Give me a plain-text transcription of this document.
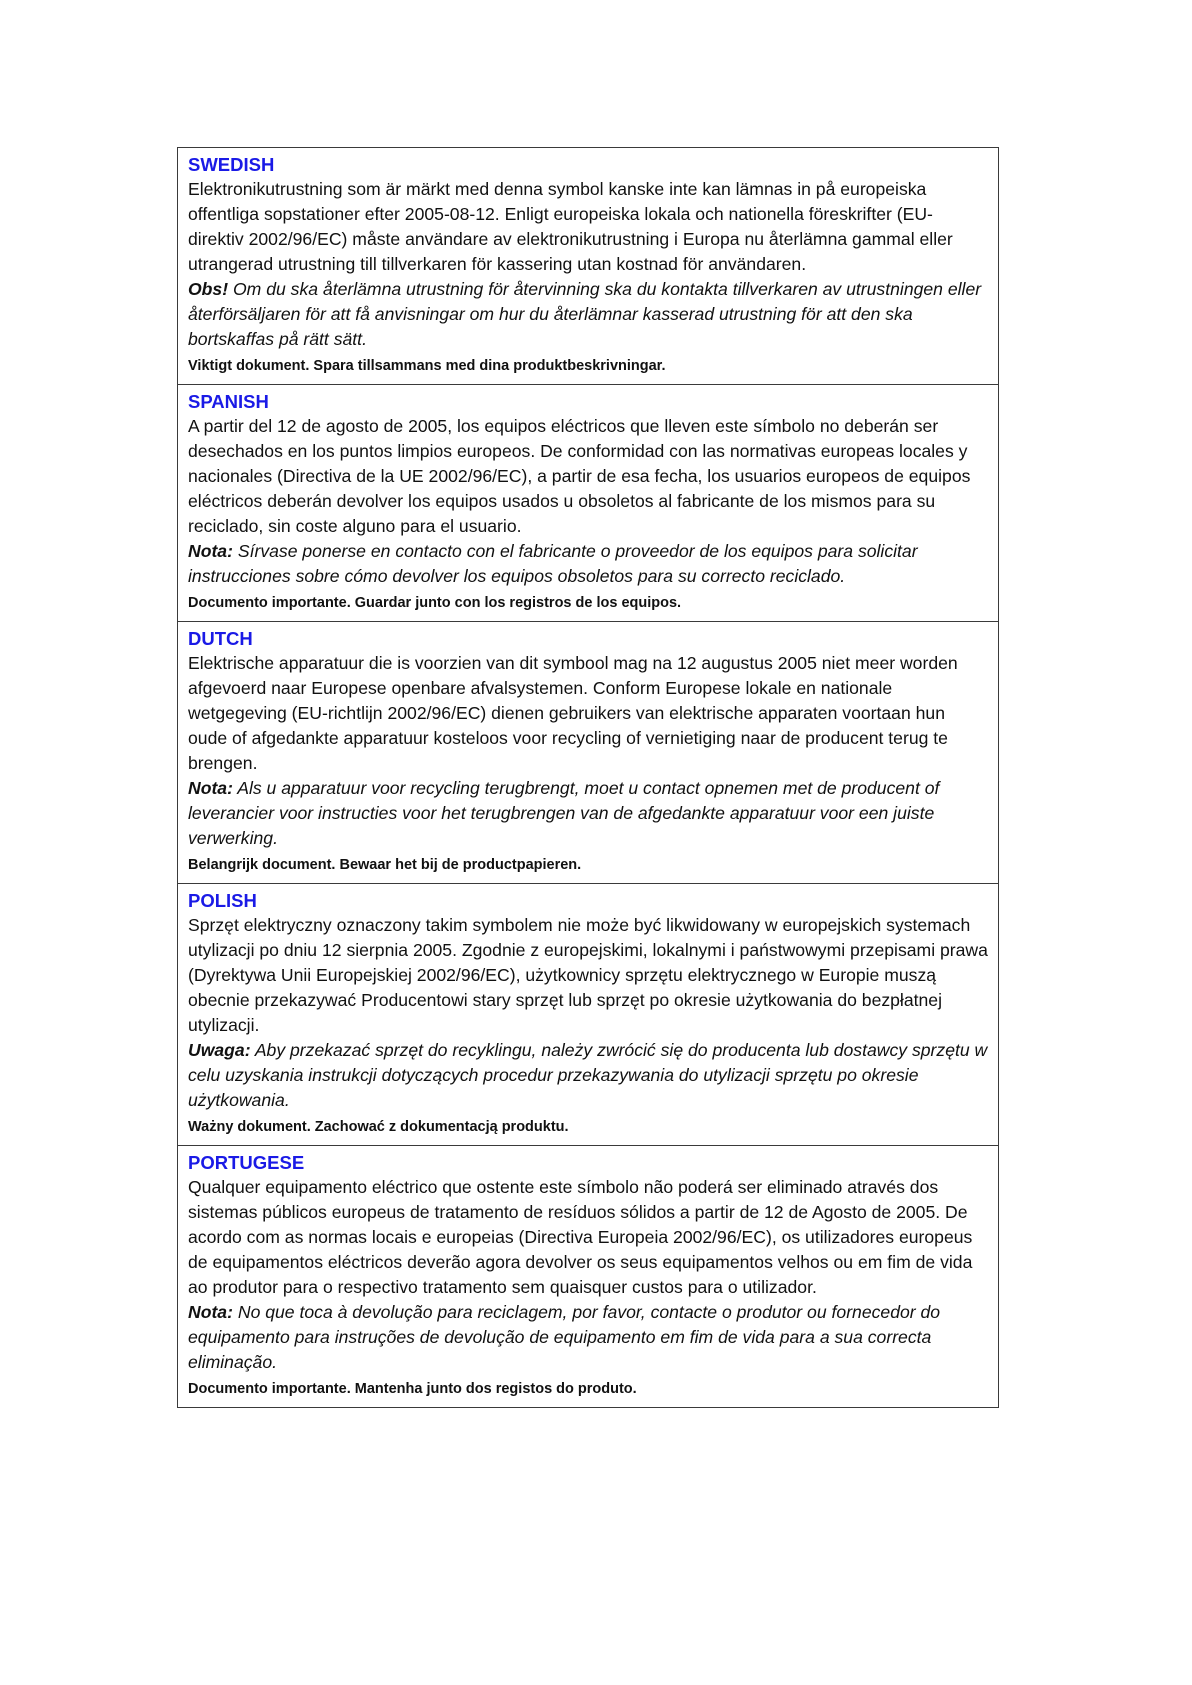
SWEDISH

Elektronikutrustning som är märkt med denna symbol kanske inte kan lämnas in på europeiska offentliga sopstationer efter 2005-08-12. Enligt europeiska lokala och nationella föreskrifter (EU-direktiv 2002/96/EC) måste användare av elektronikutrustning i Europa nu återlämna gammal eller utrangerad utrustning till tillverkaren för kassering utan kostnad för användaren.

Obs! Om du ska återlämna utrustning för återvinning ska du kontakta tillverkaren av utrustningen eller återförsäljaren för att få anvisningar om hur du återlämnar kasserad utrustning för att den ska bortskaffas på rätt sätt.

Viktigt dokument. Spara tillsammans med dina produktbeskrivningar.

SPANISH

A partir del 12 de agosto de 2005, los equipos eléctricos que lleven este símbolo no deberán ser desechados en los puntos limpios europeos. De conformidad con las normativas europeas locales y nacionales (Directiva de la UE 2002/96/EC), a partir de esa fecha, los usuarios europeos de equipos eléctricos deberán devolver los equipos usados u obsoletos al fabricante de los mismos para su reciclado, sin coste alguno para el usuario.

Nota: Sírvase ponerse en contacto con el fabricante o proveedor de los equipos para solicitar instrucciones sobre cómo devolver los equipos obsoletos para su correcto reciclado.

Documento importante. Guardar junto con los registros de los equipos.

DUTCH

Elektrische apparatuur die is voorzien van dit symbool mag na 12 augustus 2005 niet meer worden afgevoerd naar Europese openbare afvalsystemen. Conform Europese lokale en nationale wetgegeving (EU-richtlijn 2002/96/EC) dienen gebruikers van elektrische apparaten voortaan hun oude of afgedankte apparatuur kosteloos voor recycling of vernietiging naar de producent terug te brengen.

Nota: Als u apparatuur voor recycling terugbrengt, moet u contact opnemen met de producent of leverancier voor instructies voor het terugbrengen van de afgedankte apparatuur voor een juiste verwerking.

Belangrijk document. Bewaar het bij de productpapieren.

POLISH

Sprzęt elektryczny oznaczony takim symbolem nie może być likwidowany w europejskich systemach utylizacji po dniu 12 sierpnia 2005. Zgodnie z europejskimi, lokalnymi i państwowymi przepisami prawa (Dyrektywa Unii Europejskiej 2002/96/EC), użytkownicy sprzętu elektrycznego w Europie muszą obecnie przekazywać Producentowi stary sprzęt lub sprzęt po okresie użytkowania do bezpłatnej utylizacji.

Uwaga: Aby przekazać sprzęt do recyklingu, należy zwrócić się do producenta lub dostawcy sprzętu w celu uzyskania instrukcji dotyczących procedur przekazywania do utylizacji sprzętu po okresie użytkowania.

Ważny dokument. Zachować z dokumentacją produktu.

PORTUGESE

Qualquer equipamento eléctrico que ostente este símbolo não poderá ser eliminado através dos sistemas públicos europeus de tratamento de resíduos sólidos a partir de 12 de Agosto de 2005. De acordo com as normas locais e europeias (Directiva Europeia 2002/96/EC), os utilizadores europeus de equipamentos eléctricos deverão agora devolver os seus equipamentos velhos ou em fim de vida ao produtor para o respectivo tratamento sem quaisquer custos para o utilizador.

Nota: No que toca à devolução para reciclagem, por favor, contacte o produtor ou fornecedor do equipamento para instruções de devolução de equipamento em fim de vida para a sua correcta eliminação.

Documento importante. Mantenha junto dos registos do produto.
